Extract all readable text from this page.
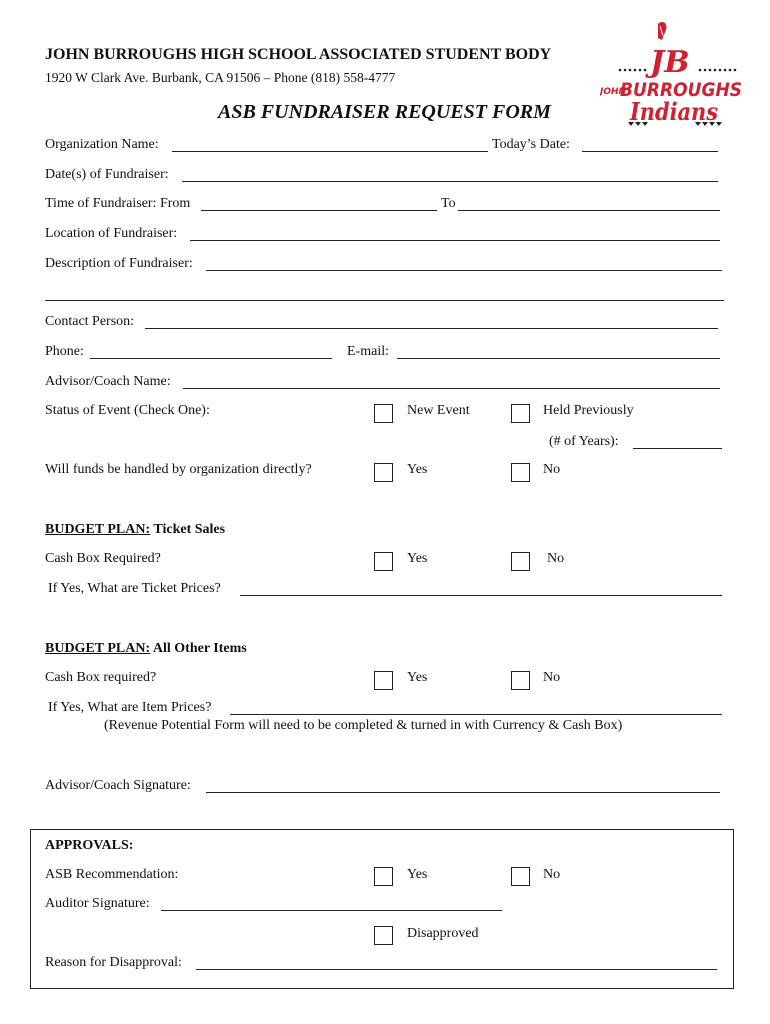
JOHN BURROUGHS HIGH SCHOOL ASSOCIATED STUDENT BODY
1920 W Clark Ave. Burbank, CA 91506 – Phone (818) 558-4777
ASB FUNDRAISER REQUEST FORM
JB
JOHN
BURROUGHS
Indians
Organization Name:	Today’s Date:
Date(s) of Fundraiser:
Time of Fundraiser: From	To
Location of Fundraiser:
Description of Fundraiser:
Contact Person:
Phone:	E-mail:
Advisor/Coach Name:
Status of Event (Check One):	New Event	Held Previously
(# of Years):
Will funds be handled by organization directly?	Yes	No
BUDGET PLAN: Ticket Sales
Cash Box Required?	Yes	No
If Yes, What are Ticket Prices?
BUDGET PLAN: All Other Items
Cash Box required?	Yes	No
If Yes, What are Item Prices?
(Revenue Potential Form will need to be completed & turned in with Currency & Cash Box)
Advisor/Coach Signature:
APPROVALS:
ASB Recommendation:	Yes	No
Auditor Signature:
Disapproved
Reason for Disapproval:
